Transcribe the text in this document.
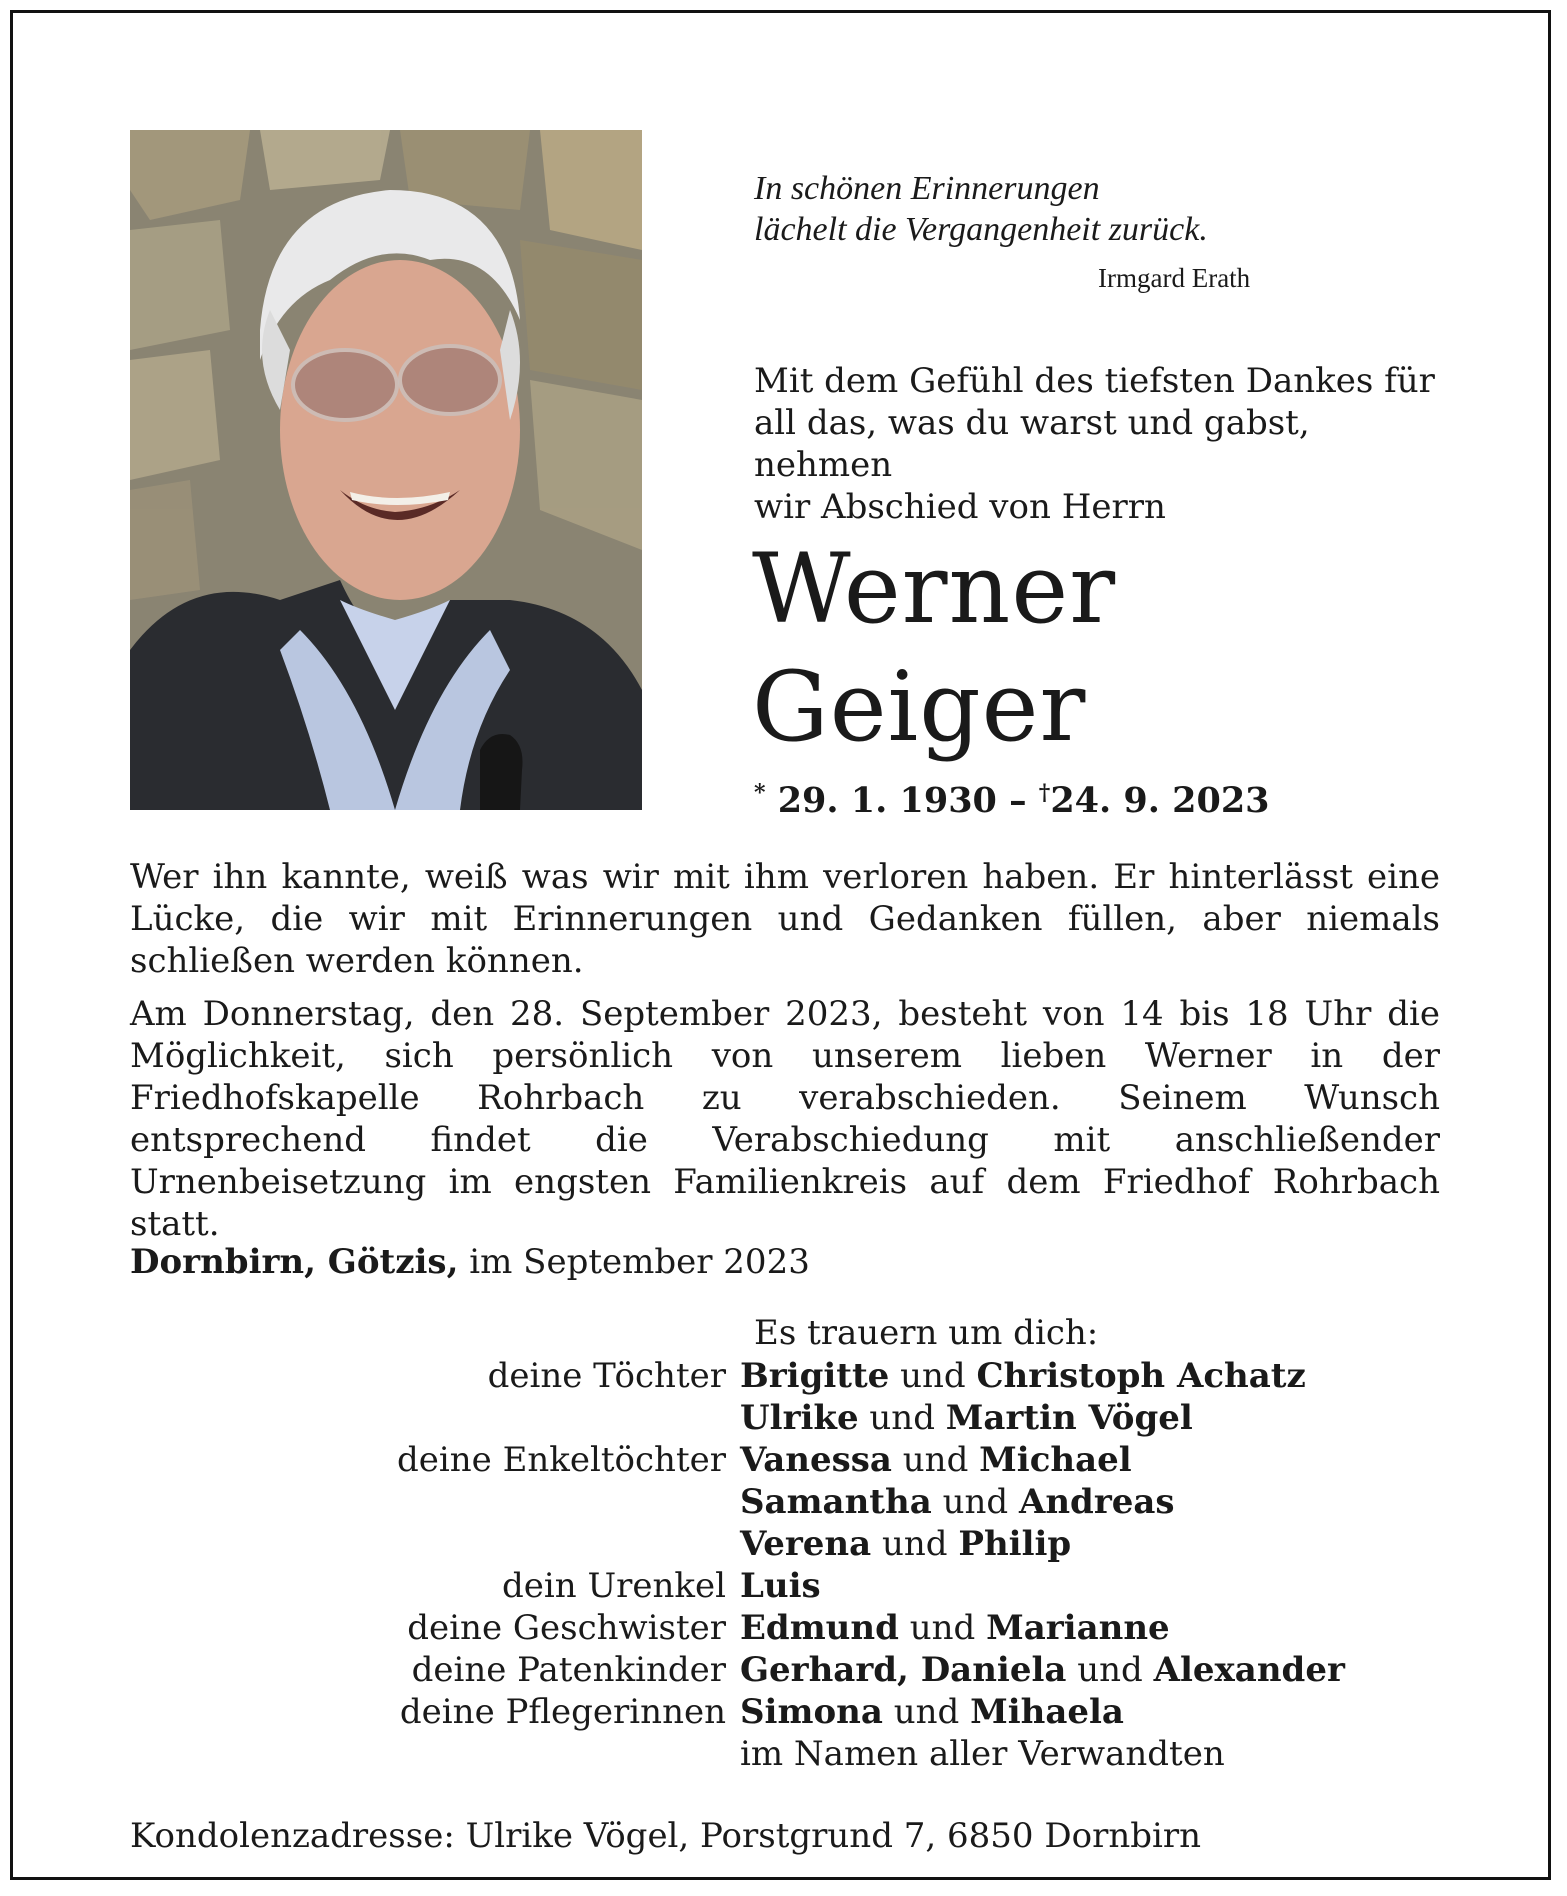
In schönen Erinnerungen
lächelt die Vergangenheit zurück.
Irmgard Erath
Mit dem Gefühl des tiefsten Dankes für
all das, was du warst und gabst, nehmen
wir Abschied von Herrn
Werner
Geiger
* 29. 1. 1930 – †24. 9. 2023
Wer ihn kannte, weiß was wir mit ihm verloren haben. Er hinterlässt eine Lücke, die wir mit Erinnerungen und Gedanken füllen, aber niemals schließen werden können.
Am Donnerstag, den 28. September 2023, besteht von 14 bis 18 Uhr die Möglichkeit, sich persönlich von unserem lieben Werner in der Friedhofskapelle Rohrbach zu verabschieden. Seinem Wunsch entsprechend findet die Verabschiedung mit anschließender Urnenbeisetzung im engsten Familienkreis auf dem Friedhof Rohrbach statt.
Dornbirn, Götzis, im September 2023
Es trauern um dich:
deine Töchter Brigitte und Christoph Achatz
Ulrike und Martin Vögel
deine Enkeltöchter Vanessa und Michael
Samantha und Andreas
Verena und Philip
dein Urenkel Luis
deine Geschwister Edmund und Marianne
deine Patenkinder Gerhard, Daniela und Alexander
deine Pflegerinnen Simona und Mihaela
im Namen aller Verwandten
Kondolenzadresse: Ulrike Vögel, Porstgrund 7, 6850 Dornbirn
